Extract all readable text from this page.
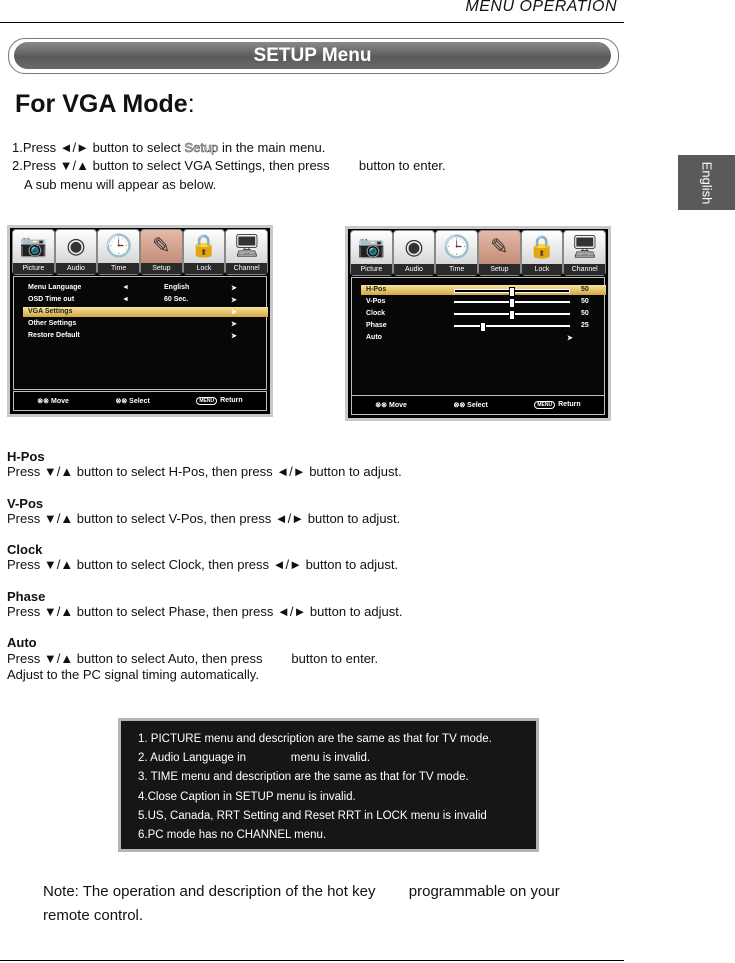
MENU OPERATION
SETUP Menu
For VGA Mode:
1.Press ◄/► button to select Setup in the main menu.
2.Press ▼/▲ button to select VGA Settings, then press  button to enter.
A sub menu will appear as below.	English
📷
Picture
◉
Audio
🕒
Time
✎
Setup
🔒
Lock
🖥
Channel
Menu Language	◄	English	➤
OSD Time out	◄	60 Sec.	➤
VGA Settings	➤
Other Settings	➤
Restore Default	➤
⊗⊗ Move	⊗⊗ Select	MENU Return
📷
Picture
◉
Audio
🕒
Time
✎
Setup
🔒
Lock
🖥
Channel
H-Pos	50
V-Pos	50
Clock	50
Phase	25
Auto	➤
⊗⊗ Move	⊗⊗ Select	MENU Return
H-Pos
Press ▼/▲ button to select H-Pos, then press ◄/► button to adjust.
V-Pos
Press ▼/▲ button to select V-Pos, then press ◄/► button to adjust.
Clock
Press ▼/▲ button to select Clock, then press ◄/► button to adjust.
Phase
Press ▼/▲ button to select Phase, then press ◄/► button to adjust.
Auto
Press ▼/▲ button to select Auto, then press        button to enter.
Adjust to the PC signal timing automatically.
1. PICTURE menu and description are the same as that for TV mode.
2. Audio Language in              menu is invalid.
3. TIME menu and description are the same as that for TV mode.
4.Close Caption in SETUP menu is invalid.
5.US, Canada, RRT Setting and Reset RRT in LOCK menu is invalid
6.PC mode has no CHANNEL menu.
Note: The operation and description of the hot key        programmable on your
remote control.
